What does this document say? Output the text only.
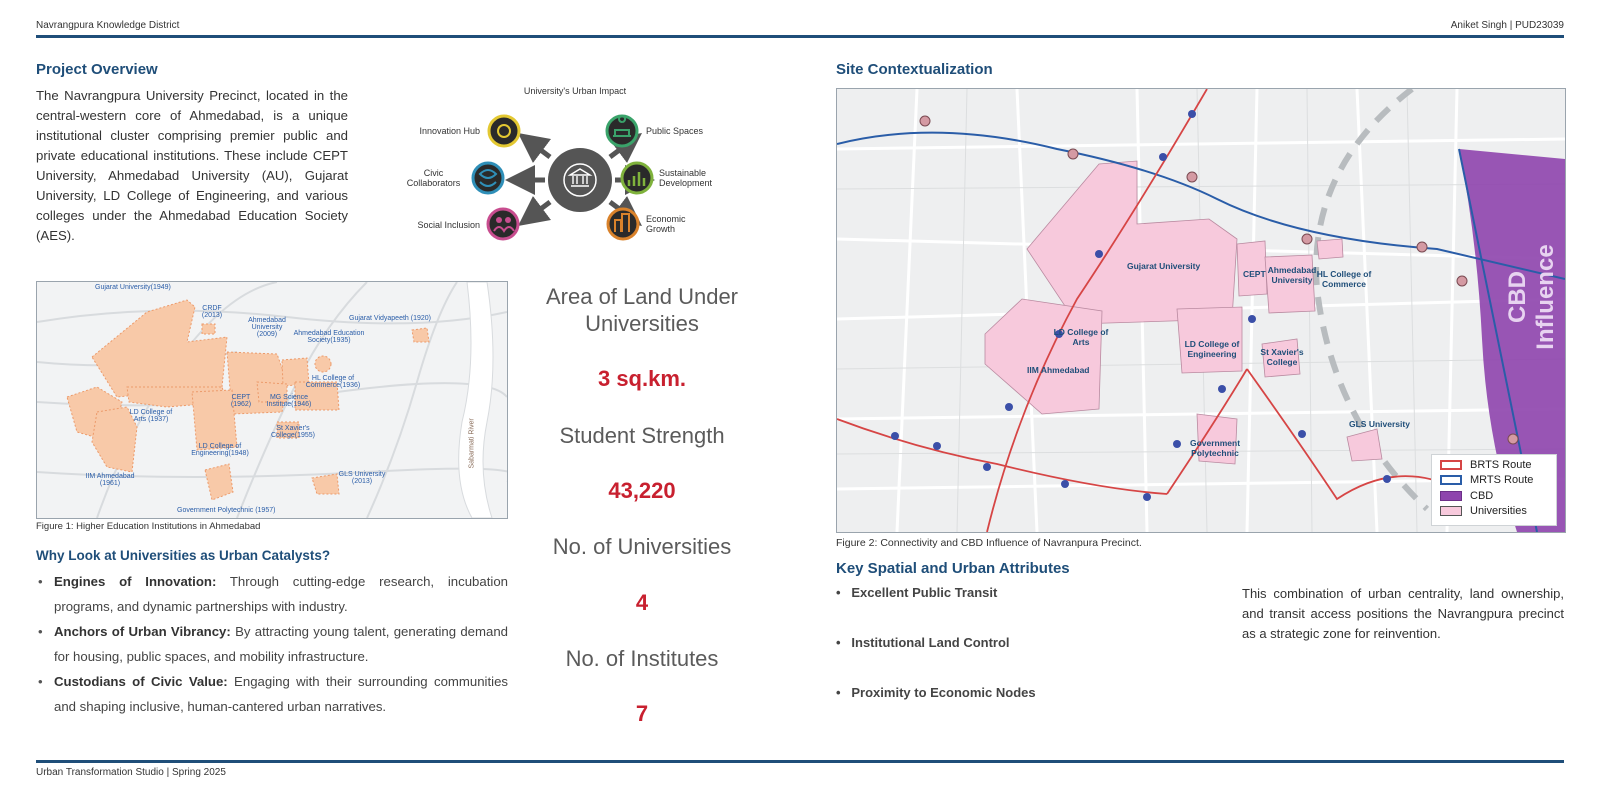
Navrangpura Knowledge District	Aniket Singh | PUD23039
Project Overview
The Navrangpura University Precinct, located in the central-western core of Ahmedabad, is a unique institutional cluster comprising premier public and private educational institutions. These include CEPT University, Ahmedabad University (AU), Gujarat University, LD College of Engineering, and various colleges under the Ahmedabad Education Society (AES).
University's Urban Impact
Innovation Hub
Civic Collaborators
Social Inclusion
Public Spaces
Sustainable Development
Economic Growth
Gujarat University(1949)
CRDF (2013)
Ahmedabad University (2009)	Ahmedabad Education Society(1935)
Gujarat Vidyapeeth (1920)
HL College of Commerce(1936)
CEPT (1962)
MG Science Institute(1946)
LD College of Arts (1937)
St Xavier's College(1955)
LD College of Engineering(1948)
IIM Ahmedabad (1961)
GLS University (2013)
Government Polytechnic (1957)
Sabarmati River
Figure 1: Higher Education Institutions in Ahmedabad
Area of Land Under Universities
3 sq.km.
Student Strength
43,220
No. of Universities
4
No. of Institutes
7
Why Look at Universities as Urban Catalysts?
• Engines of Innovation: Through cutting-edge research, incubation programs, and dynamic partnerships with industry.
• Anchors of Urban Vibrancy: By attracting young talent, generating demand for housing, public spaces, and mobility infrastructure.
• Custodians of Civic Value: Engaging with their surrounding communities and shaping inclusive, human-cantered urban narratives.
Site Contextualization
Gujarat University
CEPT Ahmedabad University
HL College of Commerce
LD College of Arts	LD College of Engineering	St Xavier's College
IIM Ahmedabad
Government Polytechnic
GLS University
CBD Influence
BRTS Route
MRTS Route
CBD
Universities
Figure 2: Connectivity and CBD Influence of Navranpura Precinct.
Key Spatial and Urban Attributes
•   Excellent Public Transit
•   Institutional Land Control
•   Proximity to Economic Nodes
This combination of urban centrality, land ownership, and transit access positions the Navrangpura precinct as a strategic zone for reinvention.
Urban Transformation Studio | Spring 2025
